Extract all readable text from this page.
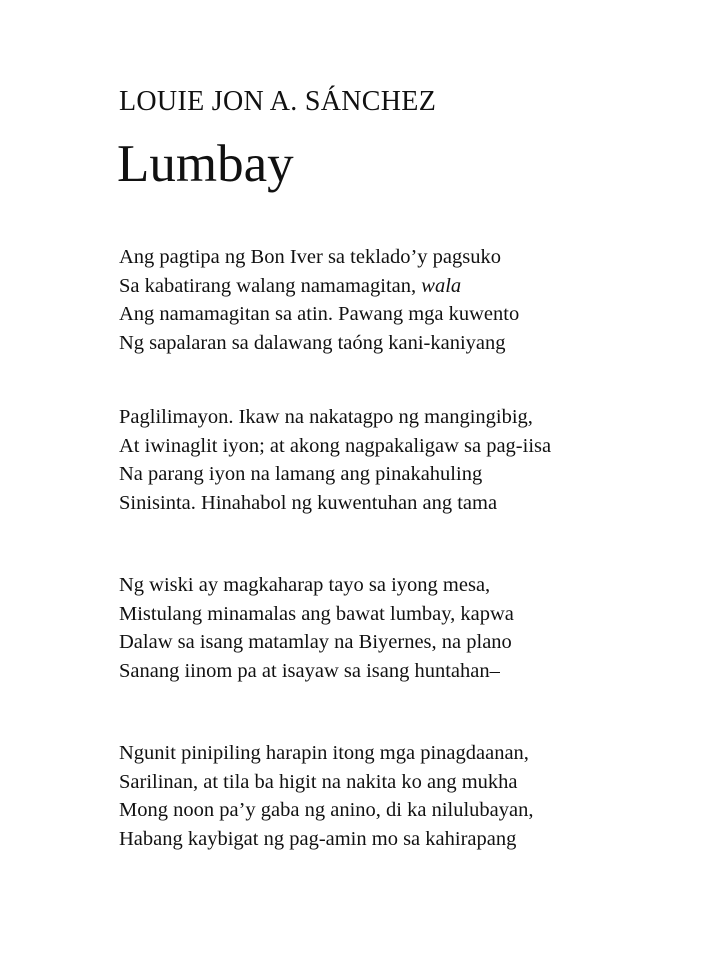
LOUIE JON A. SÁNCHEZ
Lumbay
Ang pagtipa ng Bon Iver sa teklado’y pagsuko
Sa kabatirang walang namamagitan, wala
Ang namamagitan sa atin. Pawang mga kuwento
Ng sapalaran sa dalawang taóng kani-kaniyang
Paglilimayon. Ikaw na nakatagpo ng mangingibig,
At iwinaglit iyon; at akong nagpakaligaw sa pag-iisa
Na parang iyon na lamang ang pinakahuling
Sinisinta. Hinahabol ng kuwentuhan ang tama
Ng wiski ay magkaharap tayo sa iyong mesa,
Mistulang minamalas ang bawat lumbay, kapwa
Dalaw sa isang matamlay na Biyernes, na plano
Sanang iinom pa at isayaw sa isang huntahan–
Ngunit pinipiling harapin itong mga pinagdaanan,
Sarilinan, at tila ba higit na nakita ko ang mukha
Mong noon pa’y gaba ng anino, di ka nilulubayan,
Habang kaybigat ng pag-amin mo sa kahirapang
